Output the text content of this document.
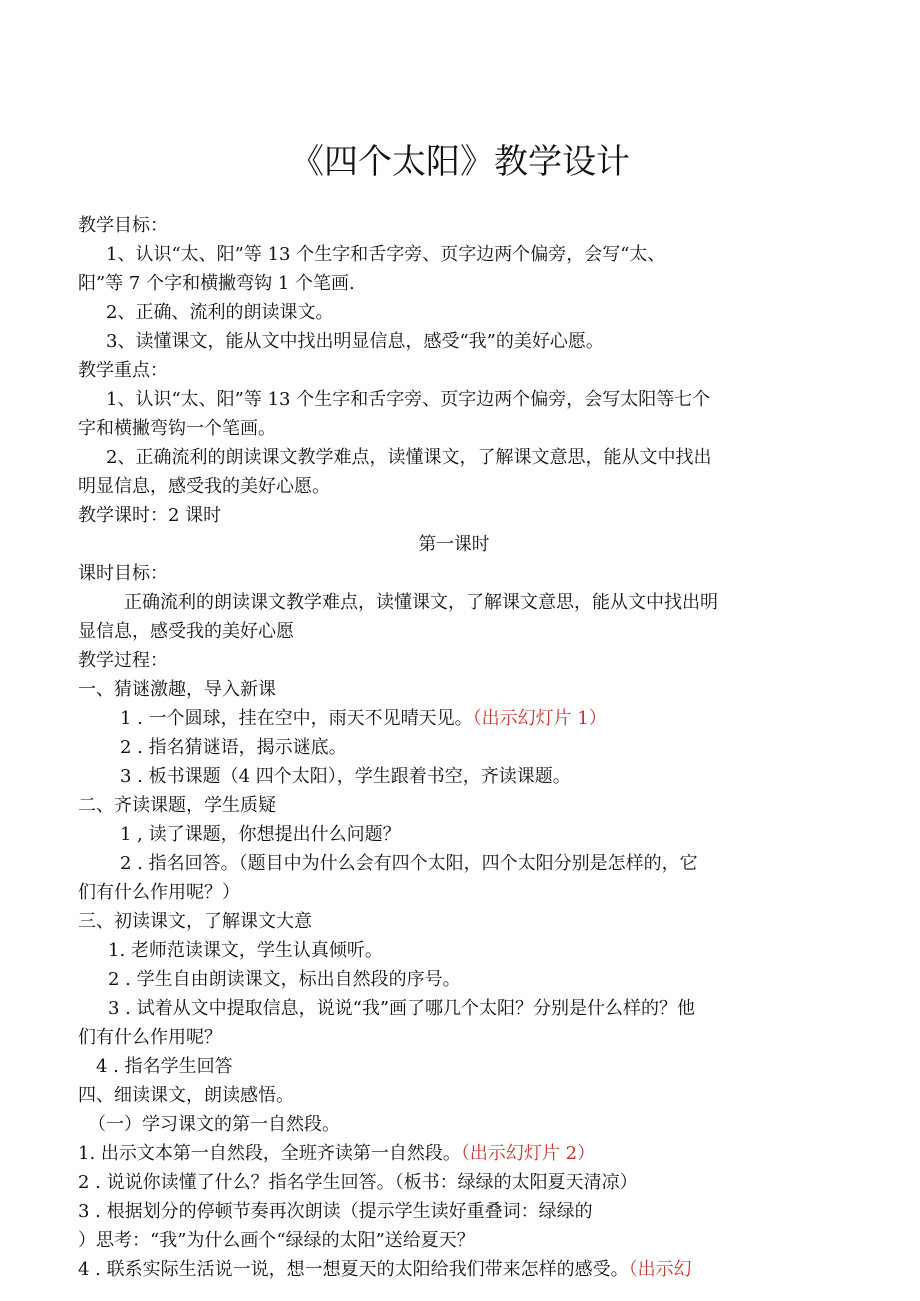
《四个太阳》教学设计
教学目标：
1、认识“太、阳”等 13 个生字和舌字旁、页字边两个偏旁，会写“太、
阳”等 7 个字和横撇弯钩 1 个笔画.
2、正确、流利的朗读课文。
3、读懂课文，能从文中找出明显信息，感受“我”的美好心愿。
教学重点：
1、认识“太、阳”等 13 个生字和舌字旁、页字边两个偏旁，会写太阳等七个
字和横撇弯钩一个笔画。
2、正确流利的朗读课文教学难点，读懂课文，了解课文意思，能从文中找出
明显信息，感受我的美好心愿。
教学课时：2 课时
第一课时
课时目标：
正确流利的朗读课文教学难点，读懂课文，了解课文意思，能从文中找出明
显信息，感受我的美好心愿
教学过程：
一、猜谜激趣，导入新课
1 . 一个圆球，挂在空中，雨天不见晴天见。（出示幻灯片 1）
2 . 指名猜谜语，揭示谜底。
3 . 板书课题（4 四个太阳），学生跟着书空，齐读课题。
二、齐读课题，学生质疑
1 , 读了课题，你想提出什么问题？
2 . 指名回答。（题目中为什么会有四个太阳，四个太阳分别是怎样的，它
们有什么作用呢？）
三、初读课文，了解课文大意
1. 老师范读课文，学生认真倾听。
2 . 学生自由朗读课文，标出自然段的序号。
3 . 试着从文中提取信息，说说“我”画了哪几个太阳？分别是什么样的？他
们有什么作用呢？
4 . 指名学生回答
四、细读课文，朗读感悟。
（一）学习课文的第一自然段。
1. 出示文本第一自然段，全班齐读第一自然段。（出示幻灯片 2）
2 . 说说你读懂了什么？指名学生回答。（板书：绿绿的太阳夏天清凉）
3 . 根据划分的停顿节奏再次朗读（提示学生读好重叠词：绿绿的
）思考：“我”为什么画个“绿绿的太阳”送给夏天？
4 . 联系实际生活说一说，想一想夏天的太阳给我们带来怎样的感受。（出示幻
